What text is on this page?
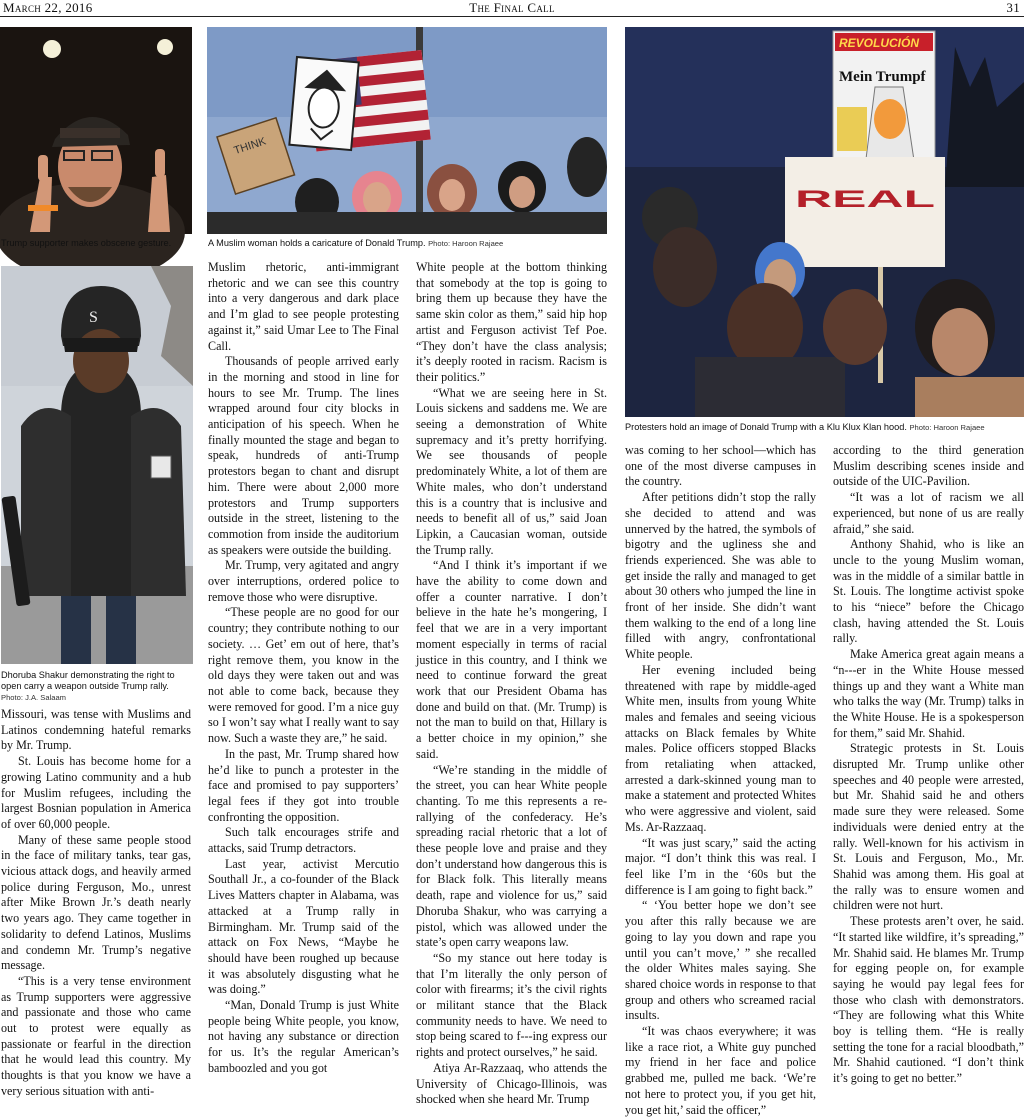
March 22, 2016	The Final Call	31
Trump supporter makes obscene gesture.
THINK
A Muslim woman holds a caricature of Donald Trump. Photo: Haroon Rajaee
REVOLUCIÓN
Mein Trumpf
REAL
Protesters hold an image of Donald Trump with a Klu Klux Klan hood. Photo: Haroon Rajaee
S
Dhoruba Shakur demonstrating the right to open carry a weapon outside Trump rally.
Photo: J.A. Salaam

Missouri, was tense with Muslims and Latinos condemning hateful remarks by Mr. Trump.

St. Louis has become home for a growing Latino community and a hub for Muslim refugees, including the largest Bosnian population in America of over 60,000 people.

Many of these same people stood in the face of military tanks, tear gas, vicious attack dogs, and heavily armed police during Ferguson, Mo., unrest after Mike Brown Jr.’s death nearly two years ago. They came together in solidarity to defend Latinos, Muslims and condemn Mr. Trump’s negative message.

“This is a very tense environment as Trump supporters were aggressive and passionate and those who came out to protest were equally as passionate or fearful in the direction that he would lead this country. My thoughts is that you know we have a very serious situation with anti-

Muslim rhetoric, anti-immigrant rhetoric and we can see this country into a very dangerous and dark place and I’m glad to see people protesting against it,” said Umar Lee to The Final Call.

Thousands of people arrived early in the morning and stood in line for hours to see Mr. Trump. The lines wrapped around four city blocks in anticipation of his speech. When he finally mounted the stage and began to speak, hundreds of anti-Trump protestors began to chant and disrupt him. There were about 2,000 more protestors and Trump supporters outside in the street, listening to the commotion from inside the auditorium as speakers were outside the building.

Mr. Trump, very agitated and angry over interruptions, ordered police to remove those who were disruptive.

“These people are no good for our country; they contribute nothing to our society. … Get’ em out of here, that’s right remove them, you know in the old days they were taken out and was not able to come back, because they were removed for good. I’m a nice guy so I won’t say what I really want to say now. Such a waste they are,” he said.

In the past, Mr. Trump shared how he’d like to punch a protester in the face and promised to pay supporters’ legal fees if they got into trouble confronting the opposition.

Such talk encourages strife and attacks, said Trump detractors.

Last year, activist Mercutio Southall Jr., a co-founder of the Black Lives Matters chapter in Alabama, was attacked at a Trump rally in Birmingham. Mr. Trump said of the attack on Fox News, “Maybe he should have been roughed up because it was absolutely disgusting what he was doing.”

“Man, Donald Trump is just White people being White people, you know, not having any substance or direction for us. It’s the regular American’s bamboozled and you got

White people at the bottom thinking that somebody at the top is going to bring them up because they have the same skin color as them,” said hip hop artist and Ferguson activist Tef Poe. “They don’t have the class analysis; it’s deeply rooted in racism. Racism is their politics.”

“What we are seeing here in St. Louis sickens and saddens me. We are seeing a demonstration of White supremacy and it’s pretty horrifying. We see thousands of people predominately White, a lot of them are White males, who don’t understand this is a country that is inclusive and needs to benefit all of us,” said Joan Lipkin, a Caucasian woman, outside the Trump rally.

“And I think it’s important if we have the ability to come down and offer a counter narrative. I don’t believe in the hate he’s mongering, I feel that we are in a very important moment especially in terms of racial justice in this country, and I think we need to continue forward the great work that our President Obama has done and build on that. (Mr. Trump) is not the man to build on that, Hillary is a better choice in my opinion,” she said.

“We’re standing in the middle of the street, you can hear White people chanting. To me this represents a re-rallying of the confederacy. He’s spreading racial rhetoric that a lot of these people love and praise and they don’t understand how dangerous this is for Black folk. This literally means death, rape and violence for us,” said Dhoruba Shakur, who was carrying a pistol, which was allowed under the state’s open carry weapons law.

“So my stance out here today is that I’m literally the only person of color with firearms; it’s the civil rights or militant stance that the Black community needs to have. We need to stop being scared to f---ing express our rights and protect ourselves,” he said.

Atiya Ar-Razzaaq, who attends the University of Chicago-Illinois, was shocked when she heard Mr. Trump

was coming to her school—which has one of the most diverse campuses in the country.

After petitions didn’t stop the rally she decided to attend and was unnerved by the hatred, the symbols of bigotry and the ugliness she and friends experienced. She was able to get inside the rally and managed to get about 30 others who jumped the line in front of her inside. She didn’t want them walking to the end of a long line filled with angry, confrontational White people.

Her evening included being threatened with rape by middle-aged White men, insults from young White males and females and seeing vicious attacks on Black females by White males. Police officers stopped Blacks from retaliating when attacked, arrested a dark-skinned young man to make a statement and protected Whites who were aggressive and violent, said Ms. Ar-Razzaaq.

“It was just scary,” said the acting major. “I don’t think this was real. I feel like I’m in the ‘60s but the difference is I am going to fight back.”

“ ‘You better hope we don’t see you after this rally because we are going to lay you down and rape you until you can’t move,’ ” she recalled the older Whites males saying. She shared choice words in response to that group and others who screamed racial insults.

“It was chaos everywhere; it was like a race riot, a White guy punched my friend in her face and police grabbed me, pulled me back. ‘We’re not here to protect you, if you get hit, you get hit,’ said the officer,”

according to the third generation Muslim describing scenes inside and outside of the UIC-Pavilion.

“It was a lot of racism we all experienced, but none of us are really afraid,” she said.

Anthony Shahid, who is like an uncle to the young Muslim woman, was in the middle of a similar battle in St. Louis. The longtime activist spoke to his “niece” before the Chicago clash, having attended the St. Louis rally.

Make America great again means a “n---er in the White House messed things up and they want a White man who talks the way (Mr. Trump) talks in the White House. He is a spokesperson for them,” said Mr. Shahid.

Strategic protests in St. Louis disrupted Mr. Trump unlike other speeches and 40 people were arrested, but Mr. Shahid said he and others made sure they were released. Some individuals were denied entry at the rally. Well-known for his activism in St. Louis and Ferguson, Mo., Mr. Shahid was among them. His goal at the rally was to ensure women and children were not hurt.

These protests aren’t over, he said. “It started like wildfire, it’s spreading,” Mr. Shahid said. He blames Mr. Trump for egging people on, for example saying he would pay legal fees for those who clash with demonstrators. “They are following what this White boy is telling them. “He is really setting the tone for a racial bloodbath,” Mr. Shahid cautioned. “I don’t think it’s going to get no better.”
